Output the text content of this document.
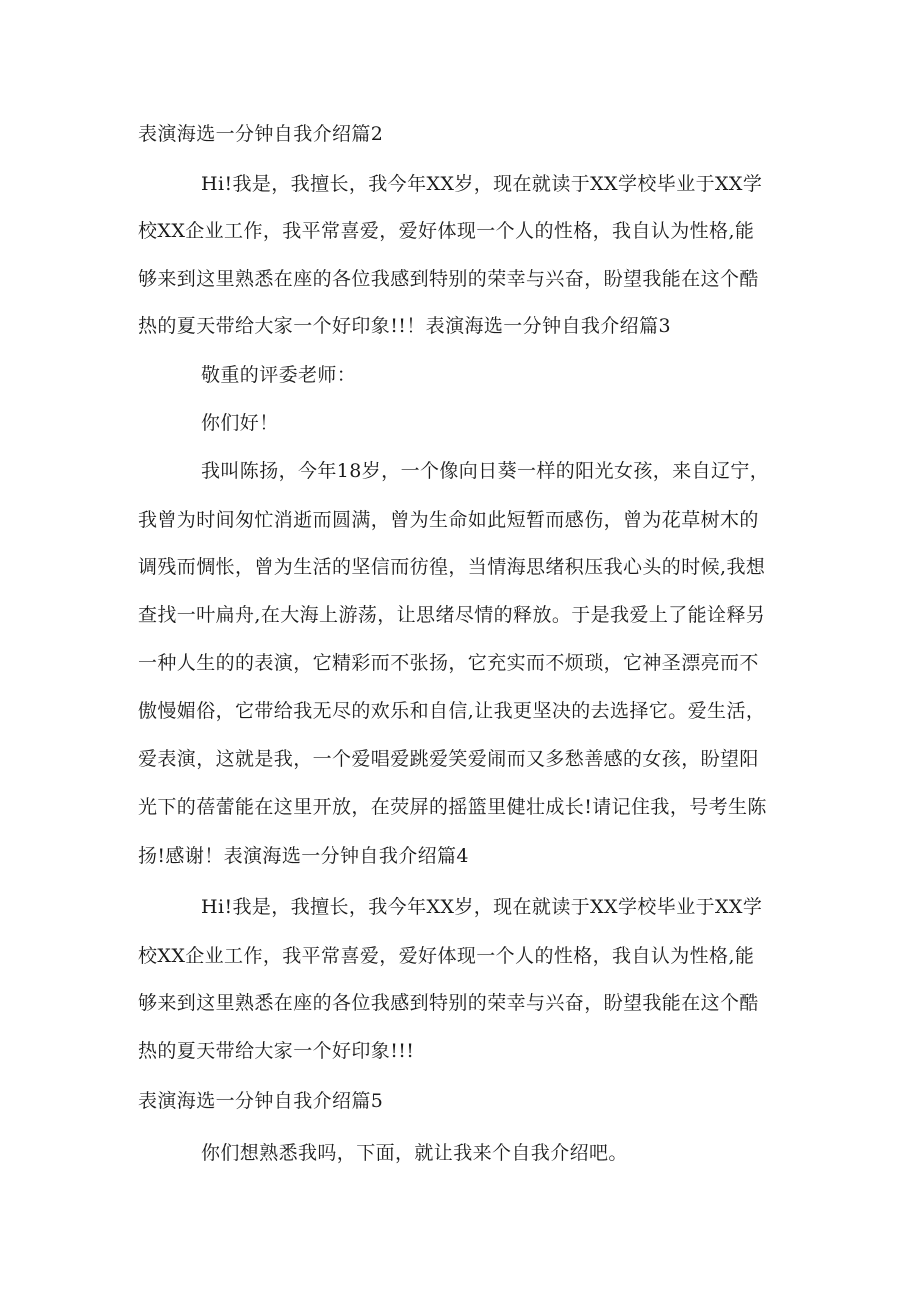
表演海选一分钟自我介绍篇2
Hi!我是，我擅长，我今年XX岁，现在就读于XX学校毕业于XX学
校XX企业工作，我平常喜爱，爱好体现一个人的性格，我自认为性格,能
够来到这里熟悉在座的各位我感到特别的荣幸与兴奋，盼望我能在这个酷
热的夏天带给大家一个好印象!!！表演海选一分钟自我介绍篇3
敬重的评委老师：
你们好！
我叫陈扬，今年18岁，一个像向日葵一样的阳光女孩，来自辽宁，
我曾为时间匆忙消逝而圆满，曾为生命如此短暂而感伤，曾为花草树木的
调残而惆怅，曾为生活的坚信而彷徨，当情海思绪积压我心头的时候,我想
查找一叶扁舟,在大海上游荡，让思绪尽情的释放。于是我爱上了能诠释另
一种人生的的表演，它精彩而不张扬，它充实而不烦琐，它神圣漂亮而不
傲慢媚俗，它带给我无尽的欢乐和自信,让我更坚决的去选择它。爱生活，
爱表演，这就是我，一个爱唱爱跳爱笑爱闹而又多愁善感的女孩，盼望阳
光下的蓓蕾能在这里开放，在荧屏的摇篮里健壮成长!请记住我，号考生陈
扬!感谢！表演海选一分钟自我介绍篇4
Hi!我是，我擅长，我今年XX岁，现在就读于XX学校毕业于XX学
校XX企业工作，我平常喜爱，爱好体现一个人的性格，我自认为性格,能
够来到这里熟悉在座的各位我感到特别的荣幸与兴奋，盼望我能在这个酷
热的夏天带给大家一个好印象!!!
表演海选一分钟自我介绍篇5
你们想熟悉我吗，下面，就让我来个自我介绍吧。
